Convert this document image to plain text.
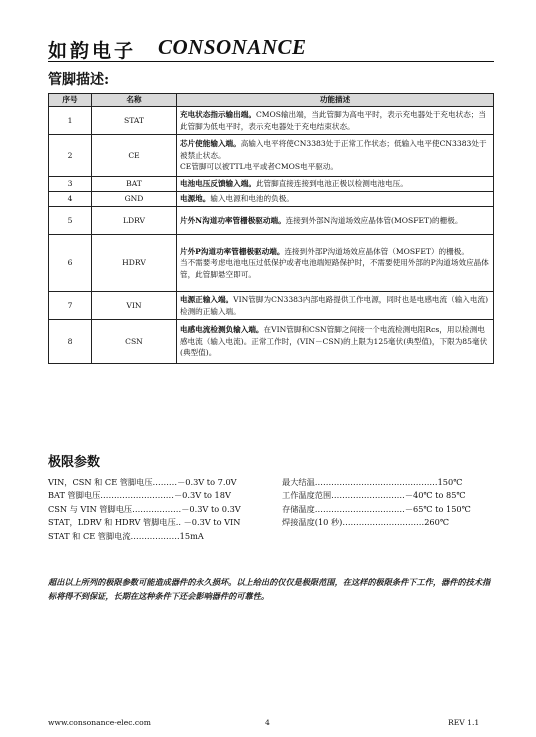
如韵电子 CONSONANCE
管脚描述:
序号	名称	功能描述
1	STAT	充电状态指示输出端。CMOS输出端，当此管脚为高电平时，表示充电器处于充电状态；当此管脚为低电平时，表示充电器处于充电结束状态。
2	CE	芯片使能输入端。高输入电平将使CN3383处于正常工作状态；低输入电平使CN3383处于被禁止状态。
CE管脚可以被TTL电平或者CMOS电平驱动。
3	BAT	电池电压反馈输入端。此管脚直接连接到电池正极以检测电池电压。
4	GND	电源地。输入电源和电池的负极。
5	LDRV	片外N沟道功率管栅极驱动端。连接到外部N沟道场效应晶体管(MOSFET)的栅极。
6	HDRV	片外P沟道功率管栅极驱动端。连接到外部P沟道场效应晶体管（MOSFET）的栅极。
当不需要考虑电池电压过低保护或者电池端短路保护时，不需要使用外部的P沟道场效应晶体管，此管脚悬空即可。
7	VIN	电源正输入端。VIN管脚为CN3383内部电路提供工作电源，同时也是电感电流（输入电流)检测的正输入端。
8	CSN	电感电流检测负输入端。在VIN管脚和CSN管脚之间接一个电流检测电阻Rcs，用以检测电感电流（输入电流)。正常工作时，(VIN－CSN)的上限为125毫伏(典型值)，下限为85毫伏(典型值)。
极限参数
VIN，CSN 和 CE 管脚电压………－0.3V to 7.0V
BAT 管脚电压………………………－0.3V to 18V
CSN 与 VIN 管脚电压………………－0.3V to 0.3V
STAT，LDRV 和 HDRV 管脚电压.. －0.3V to VIN
STAT 和 CE 管脚电流………………15mA
最大结温………………………………………150℃
工作温度范围………………………－40℃ to 85℃
存储温度……………………………－65℃ to 150℃
焊接温度(10 秒)…………………………260℃
超出以上所列的极限参数可能造成器件的永久损坏。以上给出的仅仅是极限范围，在这样的极限条件下工作，器件的技术指标将得不到保证，长期在这种条件下还会影响器件的可靠性。
www.consonance-elec.com	4	REV 1.1
